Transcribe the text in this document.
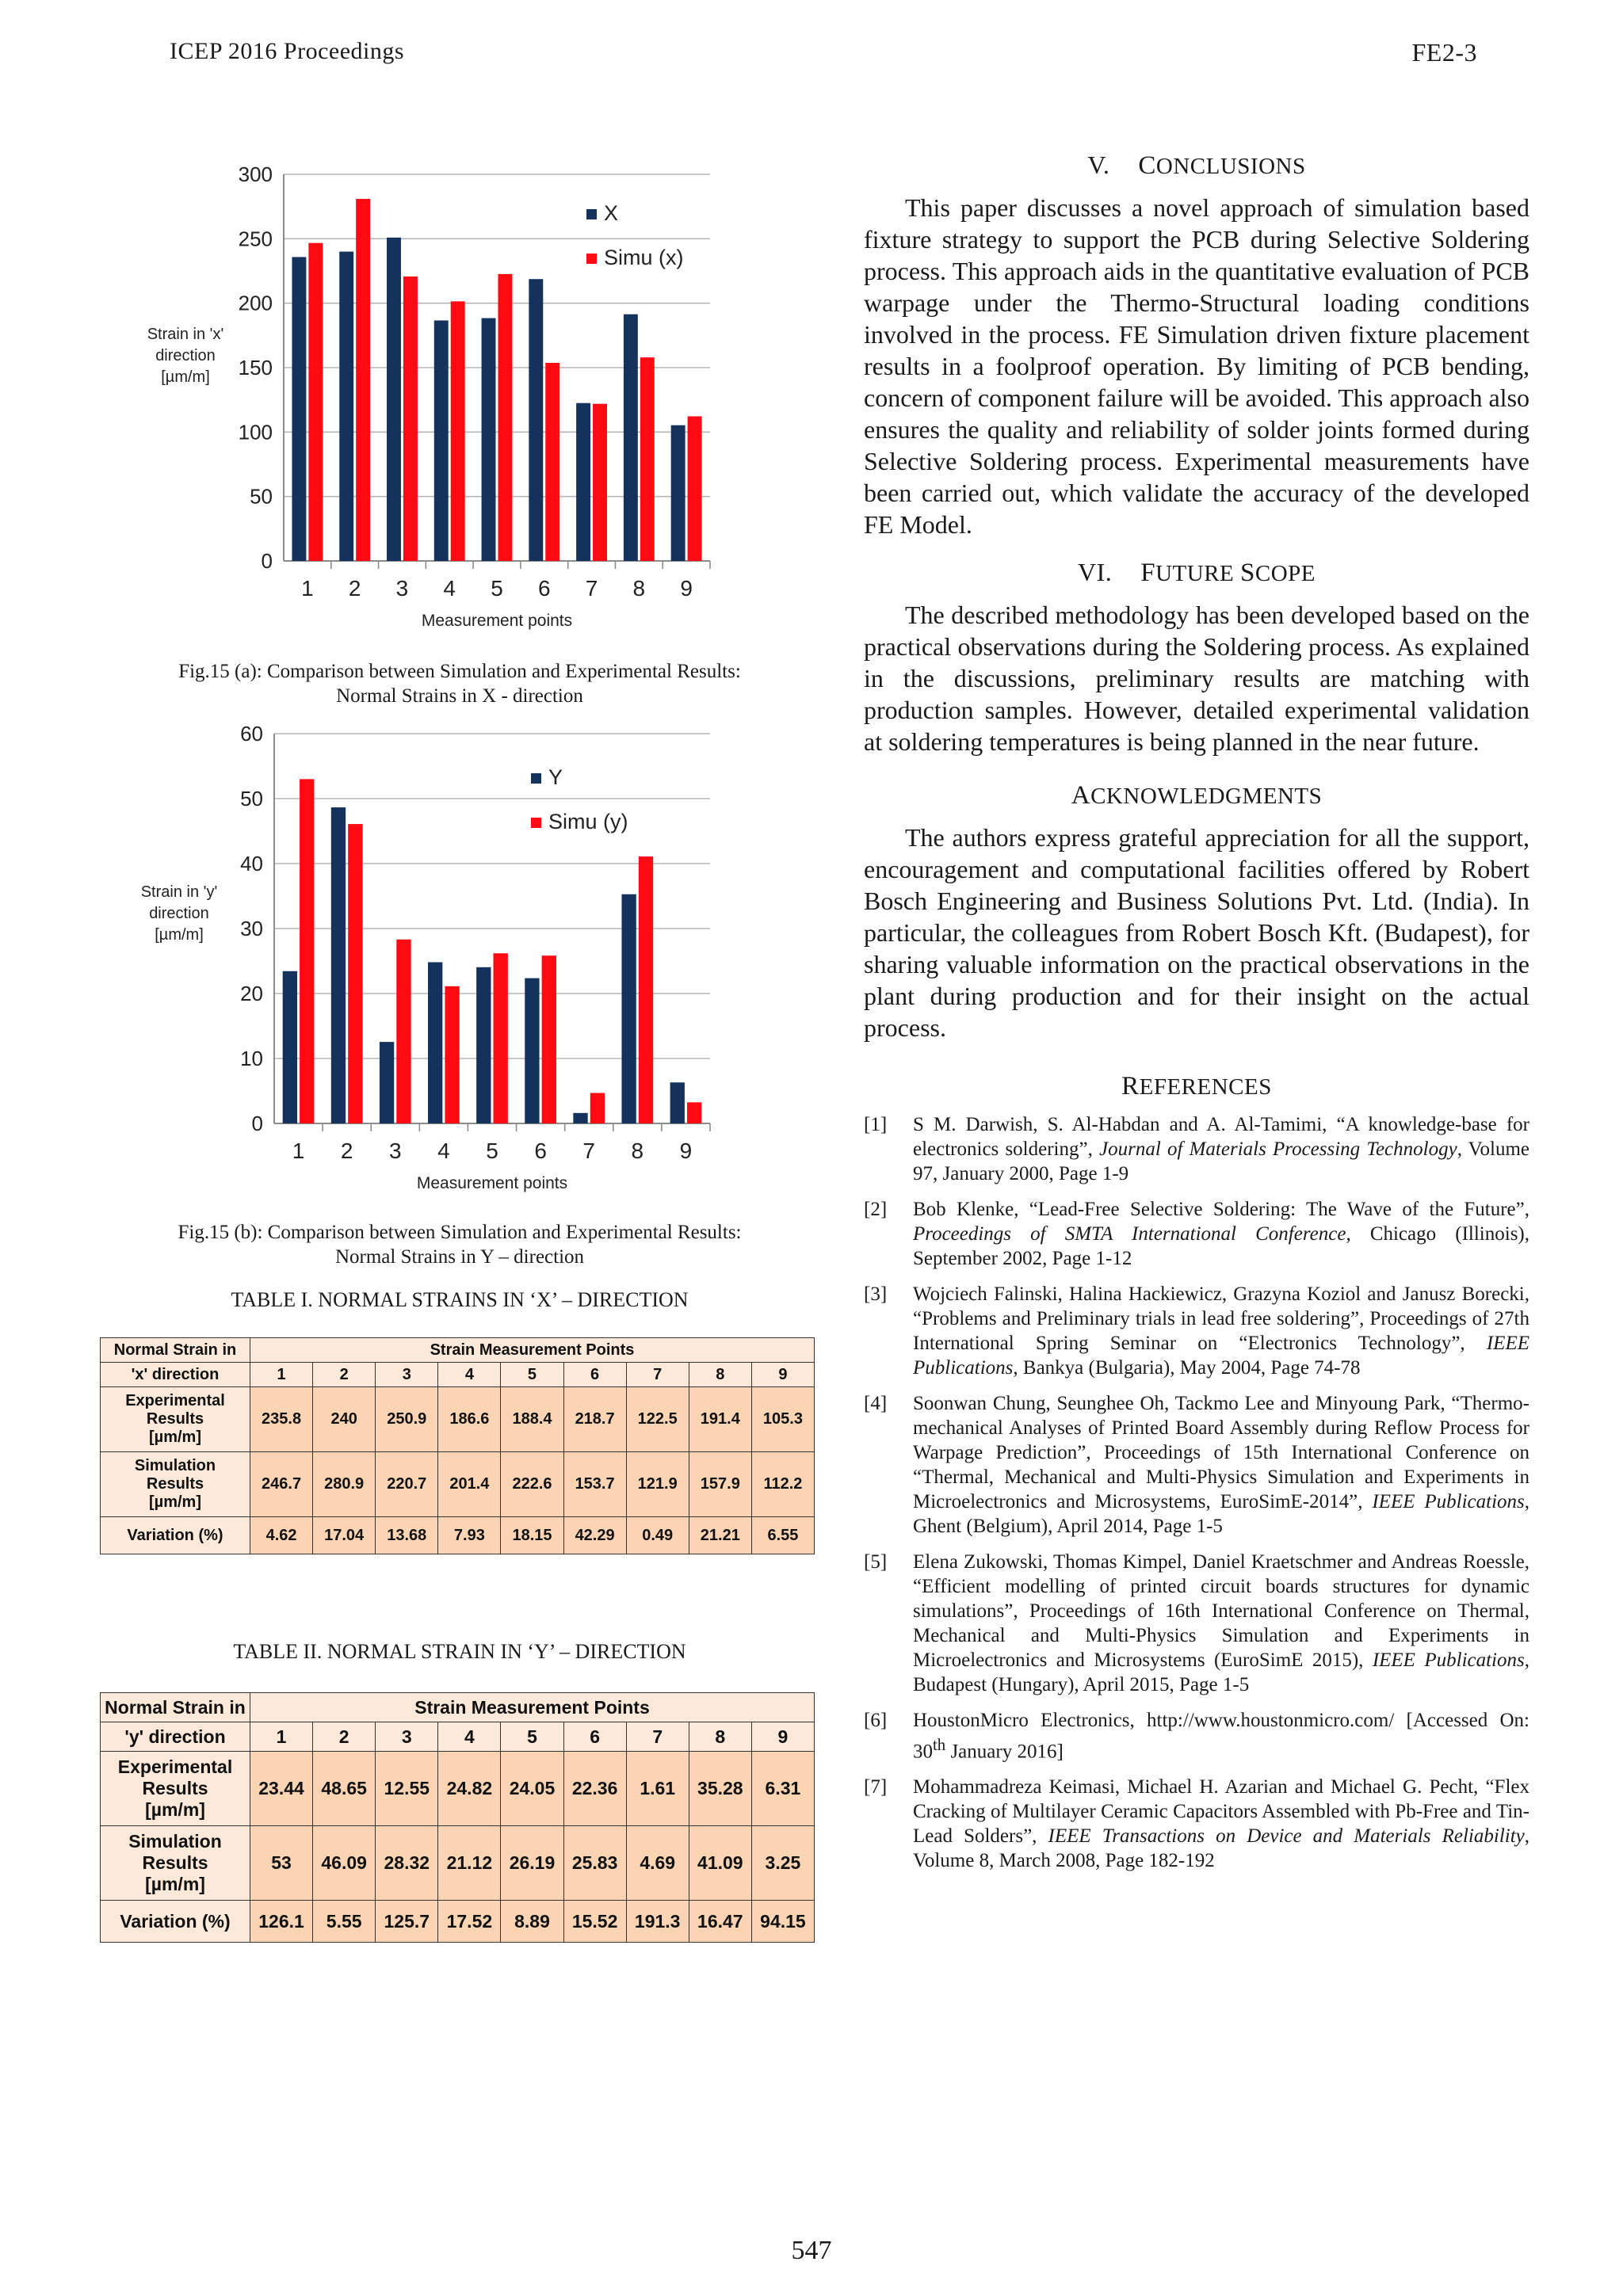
ICEP 2016 Proceedings	FE2-3
0
50
100
150
200
250
300
1 2 3 4 5 6 7 8 9
Measurement points
Strain in 'x'
direction
[µm/m]
X
Simu (x)
Fig.15 (a): Comparison between Simulation and Experimental Results:
Normal Strains in X - direction
0
10
20
30
40
50
60
1 2 3 4 5 6 7 8 9
Measurement points
Strain in 'y'
direction
[µm/m]
Y
Simu (y)
Fig.15 (b): Comparison between Simulation and Experimental Results:
Normal Strains in Y – direction
TABLE I. NORMAL STRAINS IN ‘X’ – DIRECTION
Normal Strain in	Strain Measurement Points								
'x' direction	1	2	3	4	5	6	7	8	9

Experimental
Results
[µm/m]	235.8	240	250.9	186.6	188.4	218.7	122.5	191.4	105.3

Simulation
Results
[µm/m]	246.7	280.9	220.7	201.4	222.6	153.7	121.9	157.9	112.2

Variation (%)	4.62	17.04	13.68	7.93	18.15	42.29	0.49	21.21	6.55
TABLE II. NORMAL STRAIN IN ‘Y’ – DIRECTION
Normal Strain in	Strain Measurement Points								
'y' direction	1	2	3	4	5	6	7	8	9

Experimental
Results
[µm/m]	23.44	48.65	12.55	24.82	24.05	22.36	1.61	35.28	6.31

Simulation
Results
[µm/m]	53	46.09	28.32	21.12	26.19	25.83	4.69	41.09	3.25

Variation (%)	126.1	5.55	125.7	17.52	8.89	15.52	191.3	16.47	94.15
V. CONCLUSIONS

This paper discusses a novel approach of simulation based fixture strategy to support the PCB during Selective Soldering process. This approach aids in the quantitative evaluation of PCB warpage under the Thermo-Structural loading conditions involved in the process. FE Simulation driven fixture placement results in a foolproof operation. By limiting of PCB bending, concern of component failure will be avoided. This approach also ensures the quality and reliability of solder joints formed during Selective Soldering process. Experimental measurements have been carried out, which validate the accuracy of the developed FE Model.

VI. FUTURE SCOPE

The described methodology has been developed based on the practical observations during the Soldering process. As explained in the discussions, preliminary results are matching with production samples. However, detailed experimental validation at soldering temperatures is being planned in the near future.

ACKNOWLEDGMENTS

The authors express grateful appreciation for all the support, encouragement and computational facilities offered by Robert Bosch Engineering and Business Solutions Pvt. Ltd. (India). In particular, the colleagues from Robert Bosch Kft. (Budapest), for sharing valuable information on the practical observations in the plant during production and for their insight on the actual process.

REFERENCES
[1]	S M. Darwish, S. Al-Habdan and A. Al-Tamimi, “A knowledge-base for electronics soldering”, Journal of Materials Processing Technology, Volume 97, January 2000, Page 1-9
[2]	Bob Klenke, “Lead-Free Selective Soldering: The Wave of the Future”, Proceedings of SMTA International Conference, Chicago (Illinois), September 2002, Page 1-12
[3]	Wojciech Falinski, Halina Hackiewicz, Grazyna Koziol and Janusz Borecki, “Problems and Preliminary trials in lead free soldering”, Proceedings of 27th International Spring Seminar on “Electronics Technology”, IEEE Publications, Bankya (Bulgaria), May 2004, Page 74-78
[4]	Soonwan Chung, Seunghee Oh, Tackmo Lee and Minyoung Park, “Thermo-mechanical Analyses of Printed Board Assembly during Reflow Process for Warpage Prediction”, Proceedings of 15th International Conference on “Thermal, Mechanical and Multi-Physics Simulation and Experiments in Microelectronics and Microsystems, EuroSimE-2014”, IEEE Publications, Ghent (Belgium), April 2014, Page 1-5
[5]	Elena Zukowski, Thomas Kimpel, Daniel Kraetschmer and Andreas Roessle, “Efficient modelling of printed circuit boards structures for dynamic simulations”, Proceedings of 16th International Conference on Thermal, Mechanical and Multi-Physics Simulation and Experiments in Microelectronics and Microsystems (EuroSimE 2015), IEEE Publications, Budapest (Hungary), April 2015, Page 1-5
[6]	HoustonMicro Electronics, http://www.houstonmicro.com/ [Accessed On: 30th January 2016]
[7]	Mohammadreza Keimasi, Michael H. Azarian and Michael G. Pecht, “Flex Cracking of Multilayer Ceramic Capacitors Assembled with Pb-Free and Tin-Lead Solders”, IEEE Transactions on Device and Materials Reliability, Volume 8, March 2008, Page 182-192
547
